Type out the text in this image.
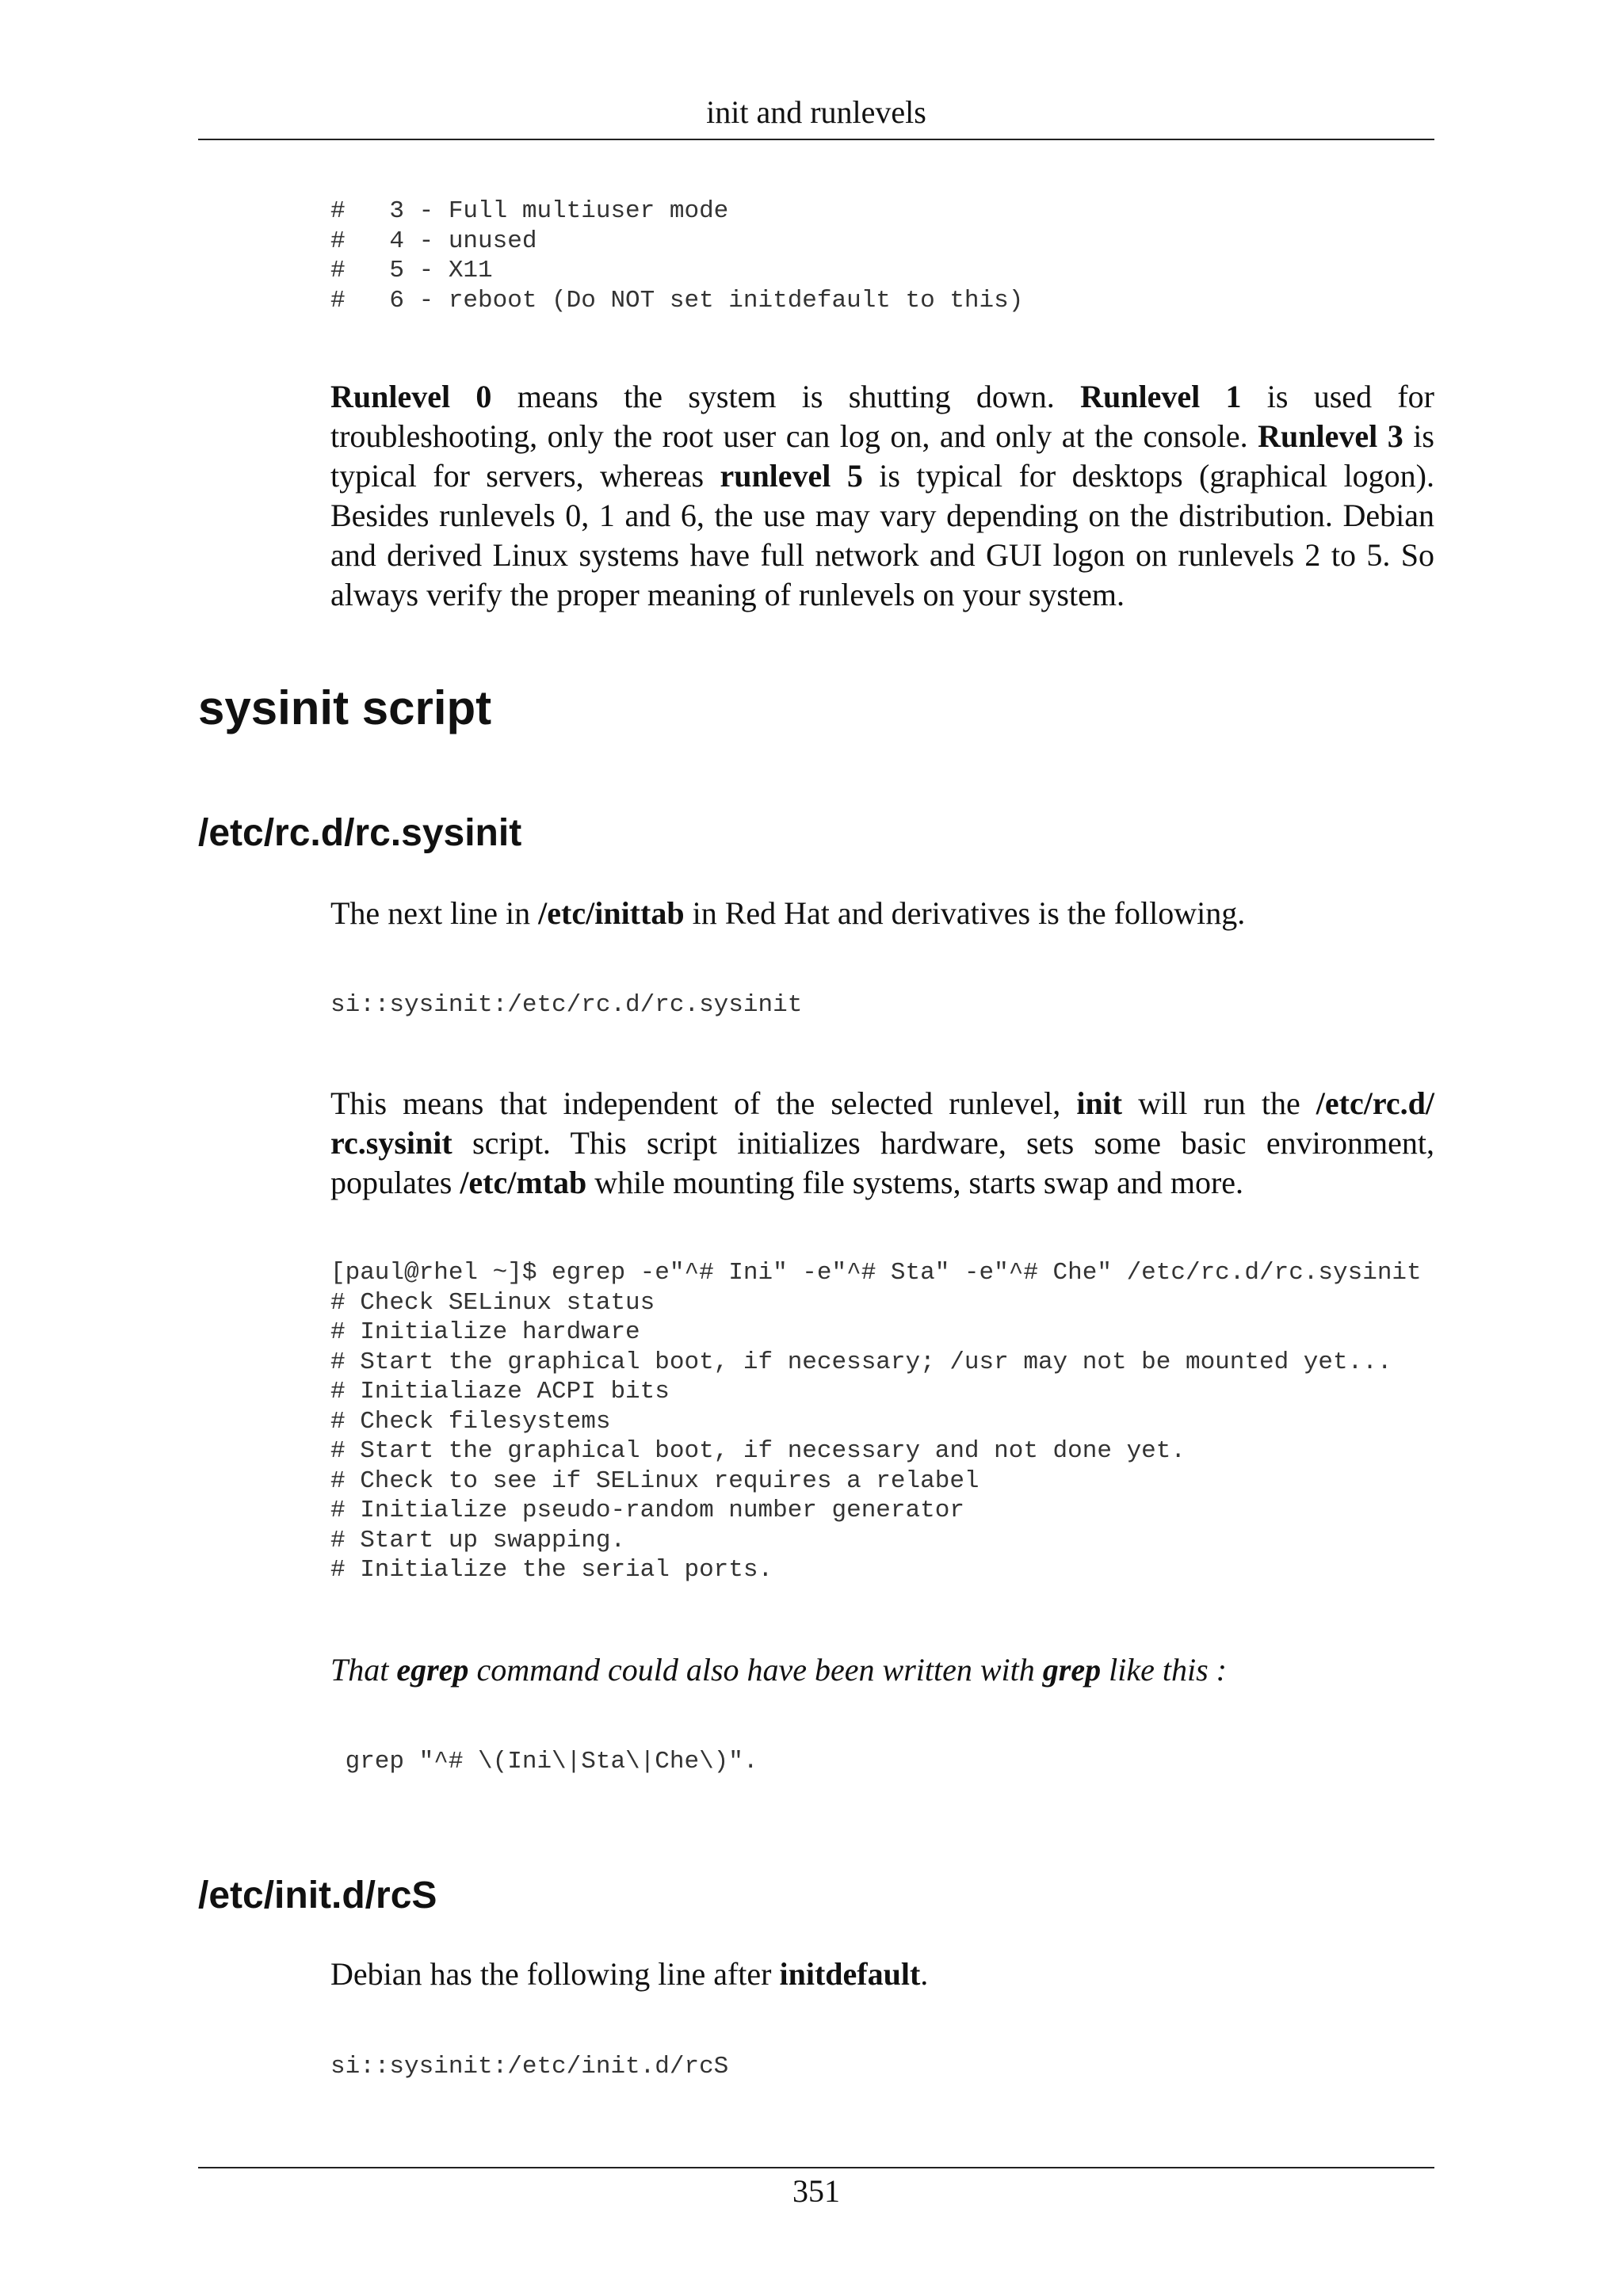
init and runlevels
#   3 - Full multiuser mode
#   4 - unused
#   5 - X11
#   6 - reboot (Do NOT set initdefault to this)

Runlevel 0 means the system is shutting down. Runlevel 1 is used for troubleshooting, only the root user can log on, and only at the console. Runlevel 3 is typical for servers, whereas runlevel 5 is typical for desktops (graphical logon). Besides runlevels 0, 1 and 6, the use may vary depending on the distribution. Debian and derived Linux systems have full network and GUI logon on runlevels 2 to 5. So always verify the proper meaning of runlevels on your system.

sysinit script
/etc/rc.d/rc.sysinit

The next line in /etc/inittab in Red Hat and derivatives is the following.

si::sysinit:/etc/rc.d/rc.sysinit

This means that independent of the selected runlevel, init will run the /etc/rc.d/ rc.sysinit script. This script initializes hardware, sets some basic environment, populates /etc/mtab while mounting file systems, starts swap and more.

[paul@rhel ~]$ egrep -e"^# Ini" -e"^# Sta" -e"^# Che" /etc/rc.d/rc.sysinit
# Check SELinux status
# Initialize hardware
# Start the graphical boot, if necessary; /usr may not be mounted yet...
# Initialiaze ACPI bits
# Check filesystems
# Start the graphical boot, if necessary and not done yet.
# Check to see if SELinux requires a relabel
# Initialize pseudo-random number generator
# Start up swapping.
# Initialize the serial ports.

That egrep command could also have been written with grep like this :

grep "^# \(Ini\|Sta\|Che\)".
/etc/init.d/rcS

Debian has the following line after initdefault.

si::sysinit:/etc/init.d/rcS
351
